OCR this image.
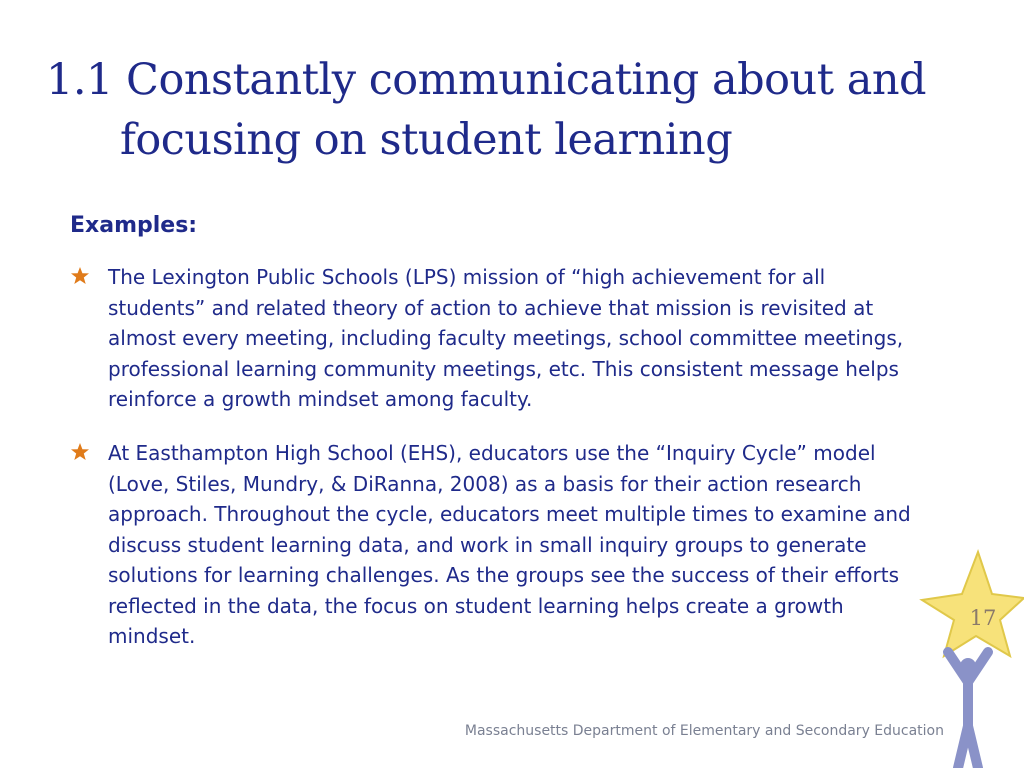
1.1 Constantly communicating about and
focusing on student learning
Examples:
The Lexington Public Schools (LPS) mission of “high achievement for all students” and related theory of action to achieve that mission is revisited at almost every meeting, including faculty meetings, school committee meetings, professional learning community meetings, etc. This consistent message helps reinforce a growth mindset among faculty.
At Easthampton High School (EHS), educators use the “Inquiry Cycle” model (Love, Stiles, Mundry, & DiRanna, 2008) as a basis for their action research approach. Throughout the cycle, educators meet multiple times to examine and discuss student learning data, and work in small inquiry groups to generate solutions for learning challenges. As the groups see the success of their efforts reflected in the data, the focus on student learning helps create a growth mindset.
Massachusetts Department of Elementary and Secondary Education
17
